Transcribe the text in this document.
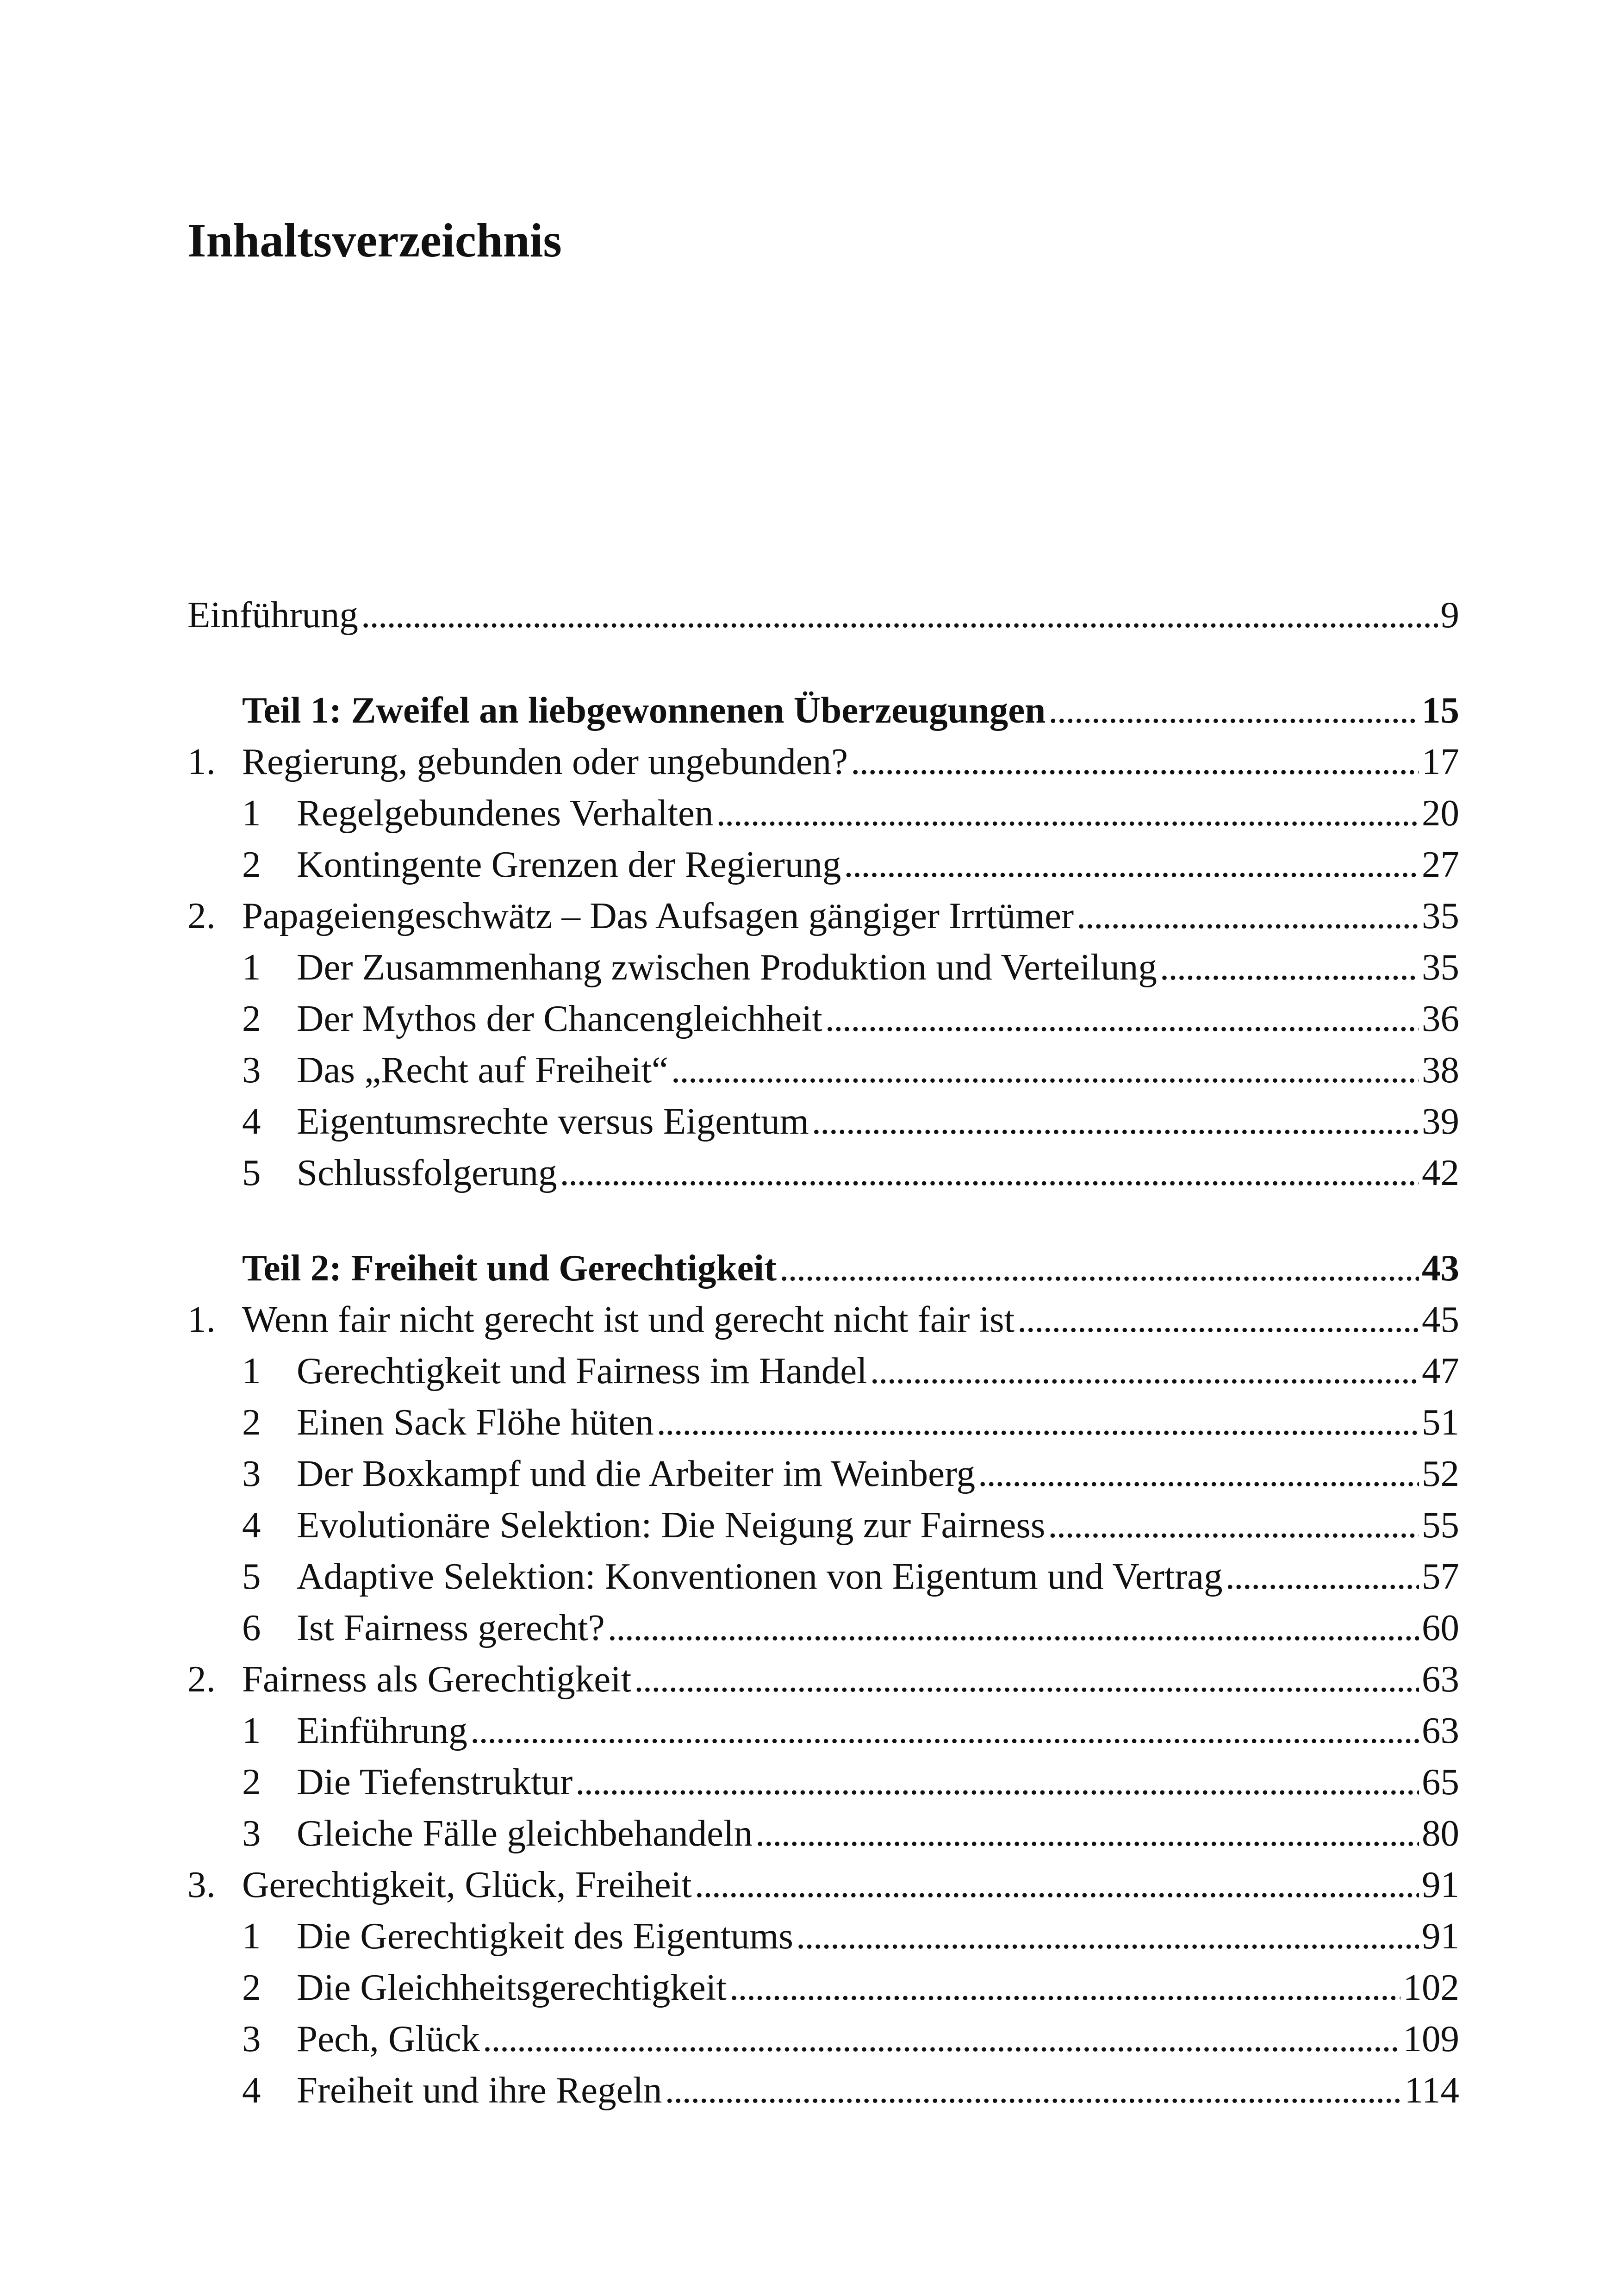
Inhaltsverzeichnis
Einführung . . .	9
Teil 1: Zweifel an liebgewonnenen Überzeugungen . . .	15
1. Regierung, gebunden oder ungebunden? . . .	17
1 Regelgebundenes Verhalten . . .	20
2 Kontingente Grenzen der Regierung . . .	27
2. Papageiengeschwätz – Das Aufsagen gängiger Irrtümer . . .	35
1 Der Zusammenhang zwischen Produktion und Verteilung . . .	35
2 Der Mythos der Chancengleichheit . . .	36
3 Das „Recht auf Freiheit“ . . .	38
4 Eigentumsrechte versus Eigentum . . .	39
5 Schlussfolgerung . . .	42
Teil 2: Freiheit und Gerechtigkeit . . .	43
1. Wenn fair nicht gerecht ist und gerecht nicht fair ist . . .	45
1 Gerechtigkeit und Fairness im Handel . . .	47
2 Einen Sack Flöhe hüten . . .	51
3 Der Boxkampf und die Arbeiter im Weinberg . . .	52
4 Evolutionäre Selektion: Die Neigung zur Fairness . . .	55
5 Adaptive Selektion: Konventionen von Eigentum und Vertrag . . .	57
6 Ist Fairness gerecht? . . .	60
2. Fairness als Gerechtigkeit . . .	63
1 Einführung . . .	63
2 Die Tiefenstruktur . . .	65
3 Gleiche Fälle gleichbehandeln . . .	80
3. Gerechtigkeit, Glück, Freiheit . . .	91
1 Die Gerechtigkeit des Eigentums . . .	91
2 Die Gleichheitsgerechtigkeit . . .	102
3 Pech, Glück . . .	109
4 Freiheit und ihre Regeln . . .	114
